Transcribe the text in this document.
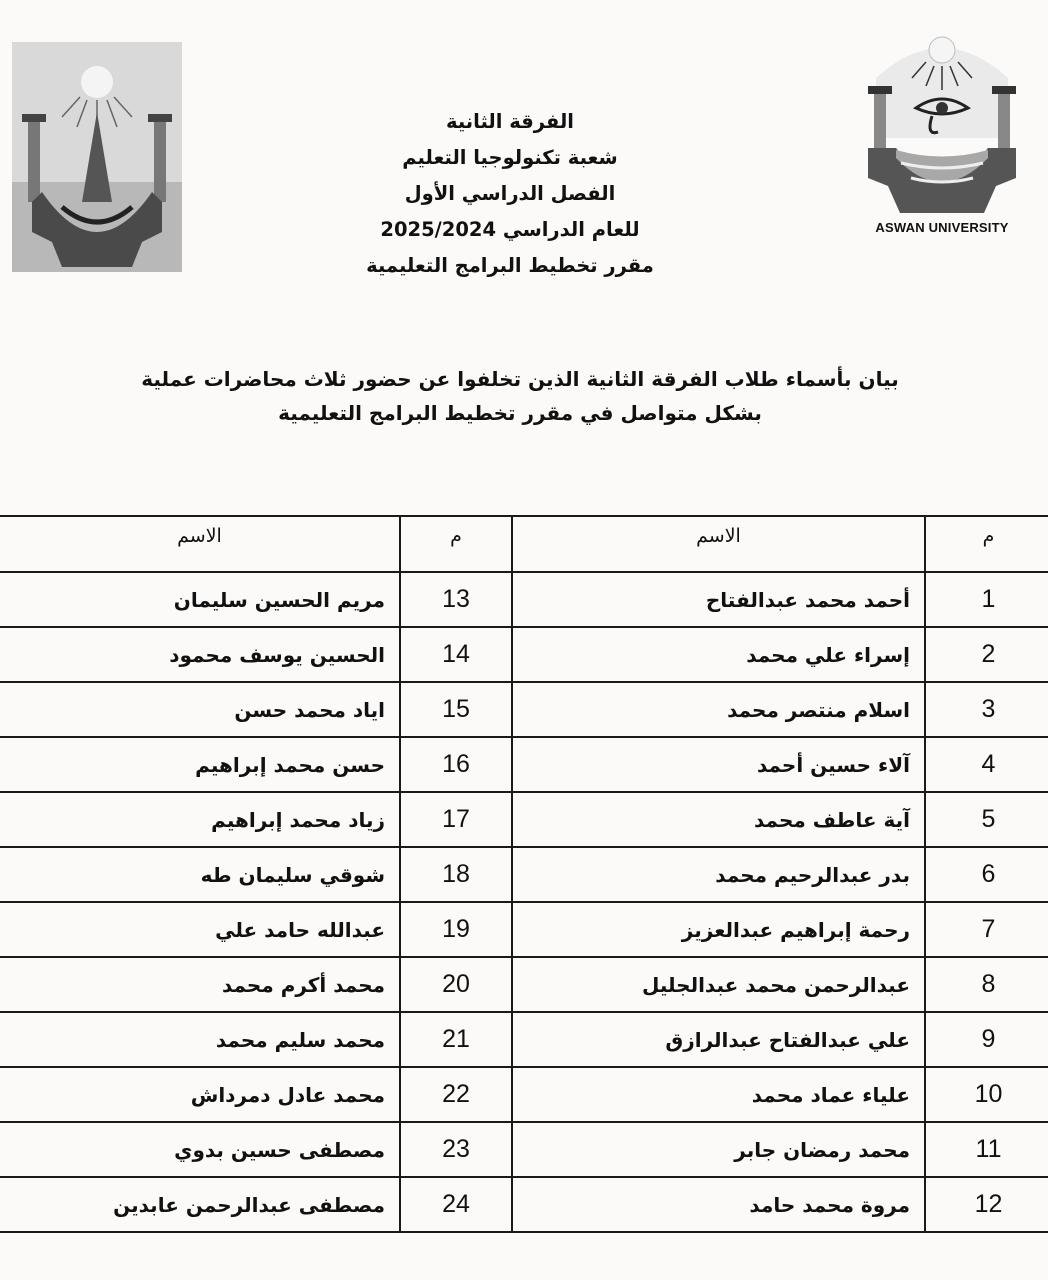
الفرقة الثانية
شعبة تكنولوجيا التعليم
الفصل الدراسي الأول
للعام الدراسي 2025/2024
مقرر تخطيط البرامج التعليمية
ASWAN UNIVERSITY
بيان بأسماء طلاب الفرقة الثانية الذين تخلفوا عن حضور ثلاث محاضرات عملية
بشكل متواصل في مقرر تخطيط البرامج التعليمية
م	الاسم	م	الاسم
1	أحمد محمد عبدالفتاح	13	مريم الحسين سليمان
2	إسراء علي محمد	14	الحسين يوسف محمود
3	اسلام منتصر محمد	15	اياد محمد حسن
4	آلاء حسين أحمد	16	حسن محمد إبراهيم
5	آية عاطف محمد	17	زياد محمد إبراهيم
6	بدر عبدالرحيم محمد	18	شوقي سليمان طه
7	رحمة إبراهيم عبدالعزيز	19	عبدالله حامد علي
8	عبدالرحمن محمد عبدالجليل	20	محمد أكرم محمد
9	علي عبدالفتاح عبدالرازق	21	محمد سليم محمد
10	علياء عماد محمد	22	محمد عادل دمرداش
11	محمد رمضان جابر	23	مصطفى حسين بدوي
12	مروة محمد حامد	24	مصطفى عبدالرحمن عابدين
